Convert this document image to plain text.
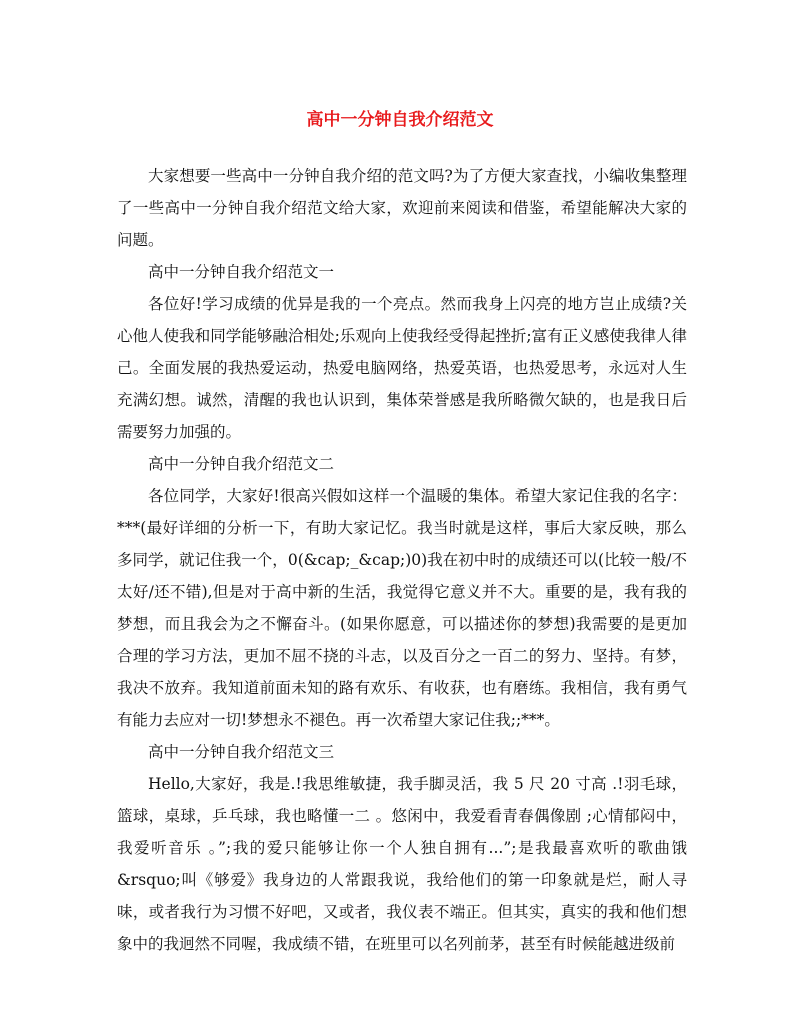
高中一分钟自我介绍范文

大家想要一些高中一分钟自我介绍的范文吗?为了方便大家查找，小编收集整理了一些高中一分钟自我介绍范文给大家，欢迎前来阅读和借鉴，希望能解决大家的问题。

高中一分钟自我介绍范文一

各位好!学习成绩的优异是我的一个亮点。然而我身上闪亮的地方岂止成绩?关心他人使我和同学能够融洽相处;乐观向上使我经受得起挫折;富有正义感使我律人律己。全面发展的我热爱运动，热爱电脑网络，热爱英语，也热爱思考，永远对人生充满幻想。诚然，清醒的我也认识到，集体荣誉感是我所略微欠缺的，也是我日后需要努力加强的。

高中一分钟自我介绍范文二

各位同学，大家好!很高兴假如这样一个温暖的集体。希望大家记住我的名字：***(最好详细的分析一下，有助大家记忆。我当时就是这样，事后大家反映，那么多同学，就记住我一个，0(&cap;_&cap;)0)我在初中时的成绩还可以(比较一般/不太好/还不错),但是对于高中新的生活，我觉得它意义并不大。重要的是，我有我的梦想，而且我会为之不懈奋斗。(如果你愿意，可以描述你的梦想)我需要的是更加合理的学习方法，更加不屈不挠的斗志，以及百分之一百二的努力、坚持。有梦，我决不放弃。我知道前面未知的路有欢乐、有收获，也有磨练。我相信，我有勇气有能力去应对一切!梦想永不褪色。再一次希望大家记住我;;***。

高中一分钟自我介绍范文三

Hello,大家好，我是.!我思维敏捷，我手脚灵活，我 5 尺 20 寸高 .!羽毛球，篮球，桌球，乒乓球，我也略懂一二 。悠闲中，我爱看青春偶像剧 ;心情郁闷中，我爱听音乐 。”;我的爱只能够让你一个人独自拥有...”;是我最喜欢听的歌曲饿 &rsquo;叫《够爱》我身边的人常跟我说，我给他们的第一印象就是烂，耐人寻味，或者我行为习惯不好吧，又或者，我仪表不端正。但其实，真实的我和他们想象中的我迥然不同喔，我成绩不错，在班里可以名列前茅，甚至有时候能越进级前
